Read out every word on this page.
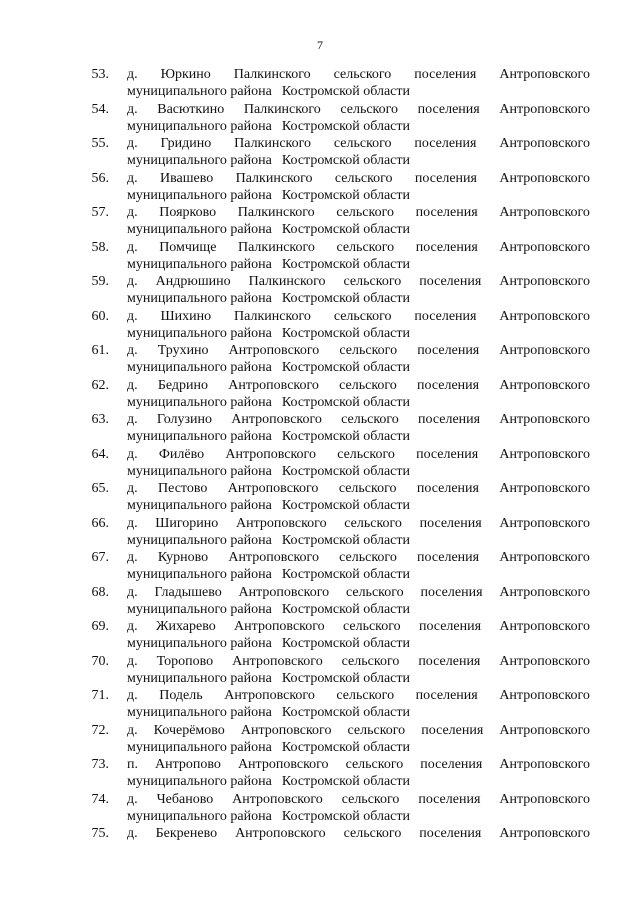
7
53. д. Юркино Палкинского сельского поселения Антроповского
муниципального района Костромской области
54. д. Васюткино Палкинского сельского поселения Антроповского
муниципального района Костромской области
55. д. Гридино Палкинского сельского поселения Антроповского
муниципального района Костромской области
56. д. Ивашево Палкинского сельского поселения Антроповского
муниципального района Костромской области
57. д. Поярково Палкинского сельского поселения Антроповского
муниципального района Костромской области
58. д. Помчище Палкинского сельского поселения Антроповского
муниципального района Костромской области
59. д. Андрюшино Палкинского сельского поселения Антроповского
муниципального района Костромской области
60. д. Шихино Палкинского сельского поселения Антроповского
муниципального района Костромской области
61. д. Трухино Антроповского сельского поселения Антроповского
муниципального района Костромской области
62. д. Бедрино Антроповского сельского поселения Антроповского
муниципального района Костромской области
63. д. Голузино Антроповского сельского поселения Антроповского
муниципального района Костромской области
64. д. Филёво Антроповского сельского поселения Антроповского
муниципального района Костромской области
65. д. Пестово Антроповского сельского поселения Антроповского
муниципального района Костромской области
66. д. Шигорино Антроповского сельского поселения Антроповского
муниципального района Костромской области
67. д. Курново Антроповского сельского поселения Антроповского
муниципального района Костромской области
68. д. Гладышево Антроповского сельского поселения Антроповского
муниципального района Костромской области
69. д. Жихарево Антроповского сельского поселения Антроповского
муниципального района Костромской области
70. д. Торопово Антроповского сельского поселения Антроповского
муниципального района Костромской области
71. д. Подель Антроповского сельского поселения Антроповского
муниципального района Костромской области
72. д. Кочерёмово Антроповского сельского поселения Антроповского
муниципального района Костромской области
73. п. Антропово Антроповского сельского поселения Антроповского
муниципального района Костромской области
74. д. Чебаново Антроповского сельского поселения Антроповского
муниципального района Костромской области
75. д. Бекренево Антроповского сельского поселения Антроповского
